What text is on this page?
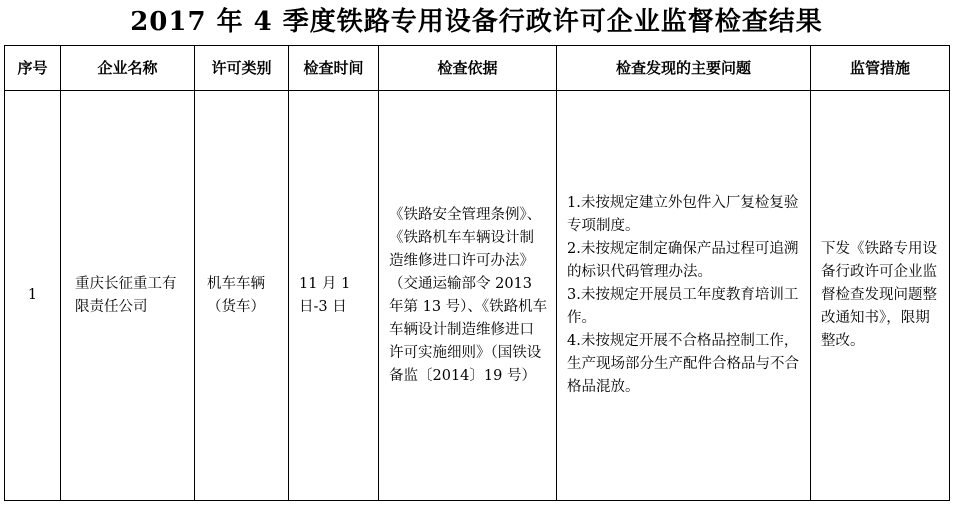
2017 年 4 季度铁路专用设备行政许可企业监督检查结果
序号	企业名称	许可类别	检查时间	检查依据	检查发现的主要问题	监管措施
1	重庆长征重工有限责任公司	机车车辆（货车）	11 月 1 日-3 日	《铁路安全管理条例》、《铁路机车车辆设计制造维修进口许可办法》（交通运输部令 2013 年第 13 号）、《铁路机车车辆设计制造维修进口许可实施细则》（国铁设备监〔2014〕19 号）	1.未按规定建立外包件入厂复检复验专项制度。
2.未按规定制定确保产品过程可追溯的标识代码管理办法。
3.未按规定开展员工年度教育培训工作。
4.未按规定开展不合格品控制工作，生产现场部分生产配件合格品与不合格品混放。	下发《铁路专用设备行政许可企业监督检查发现问题整改通知书》，限期整改。
